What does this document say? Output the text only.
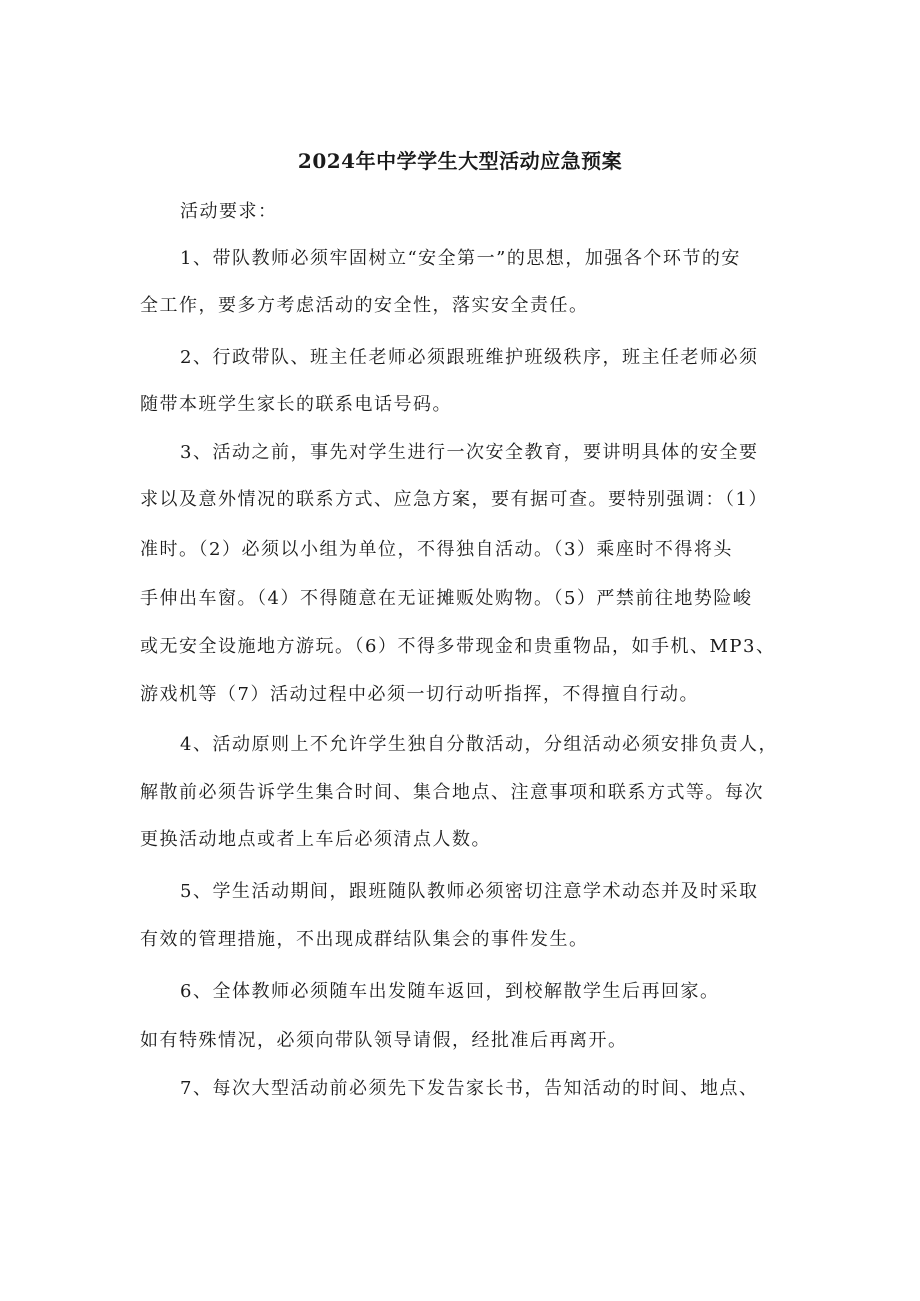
2024年中学学生大型活动应急预案
活动要求：
1、带队教师必须牢固树立“安全第一”的思想，加强各个环节的安
全工作，要多方考虑活动的安全性，落实安全责任。
2、行政带队、班主任老师必须跟班维护班级秩序，班主任老师必须
随带本班学生家长的联系电话号码。
3、活动之前，事先对学生进行一次安全教育，要讲明具体的安全要
求以及意外情况的联系方式、应急方案，要有据可查。要特别强调：（1）
准时。（2）必须以小组为单位，不得独自活动。（3）乘座时不得将头
手伸出车窗。（4）不得随意在无证摊贩处购物。（5）严禁前往地势险峻
或无安全设施地方游玩。（6）不得多带现金和贵重物品，如手机、MP3、
游戏机等（7）活动过程中必须一切行动听指挥，不得擅自行动。
4、活动原则上不允许学生独自分散活动，分组活动必须安排负责人，
解散前必须告诉学生集合时间、集合地点、注意事项和联系方式等。每次
更换活动地点或者上车后必须清点人数。
5、学生活动期间，跟班随队教师必须密切注意学术动态并及时采取
有效的管理措施，不出现成群结队集会的事件发生。
6、全体教师必须随车出发随车返回，到校解散学生后再回家。
如有特殊情况，必须向带队领导请假，经批准后再离开。
7、每次大型活动前必须先下发告家长书，告知活动的时间、地点、
